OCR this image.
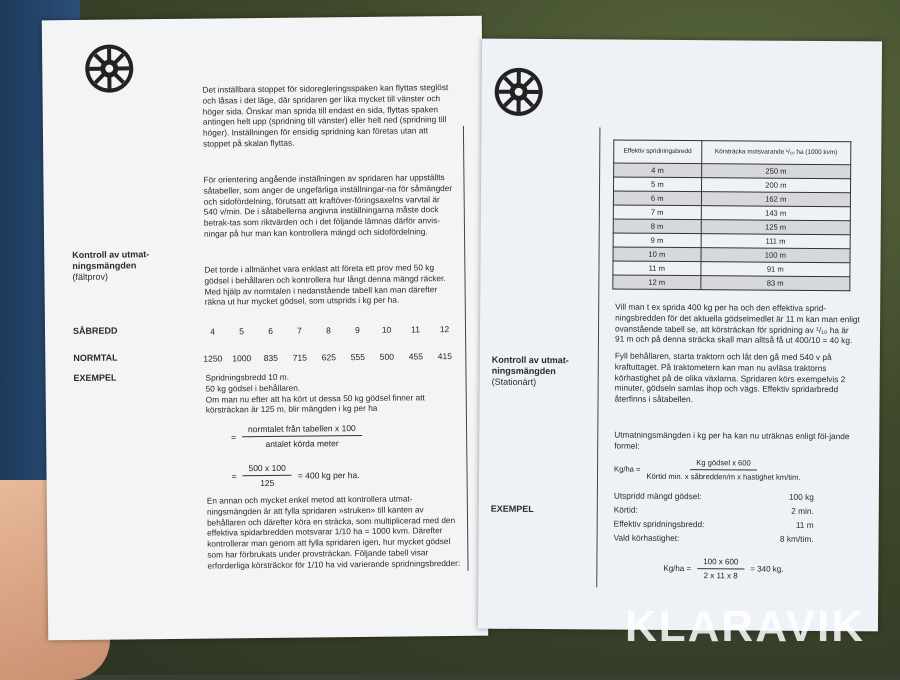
Det inställbara stoppet för sidoregleringsspaken kan flyttas steglöst och låsas i det läge, där spridaren ger lika mycket till vänster och höger sida. Önskar man sprida till endast en sida, flyttas spaken antingen helt upp (spridning till vänster) eller helt ned (spridning till höger). Inställningen för ensidig spridning kan företas utan att stoppet på skalan flyttas.
För orientering angående inställningen av spridaren har uppställts såtabeller, som anger de ungefärliga inställningar-na för såmängder och sidofördelning, förutsatt att kraftöver-föringsaxelns varvtal är 540 v/min. De i såtabellerna angivna inställningarna måste dock betrak-tas som riktvärden och i det följande lämnas därför anvis-ningar på hur man kan kontrollera mängd och sidofördelning.
Kontroll av utmat-ningsmängden
(fältprov)
Det torde i allmänhet vara enklast att företa ett prov med 50 kg gödsel i behållaren och kontrollera hur långt denna mängd räcker. Med hjälp av normtalen i nedanstående tabell kan man därefter räkna ut hur mycket gödsel, som utsprids i kg per ha.
SÅBREDD	4	5	6	7	8	9	10	11	12
NORMTAL	1250	1000	835	715	625	555	500	455	415
EXEMPEL	Spridningsbredd 10 m.
50 kg gödsel i behållaren.
Om man nu efter att ha kört ut dessa 50 kg gödsel finner att körsträckan är 125 m, blir mängden i kg per ha
= $\frac{\text{normtalet från tabellen x 100}}{\text{antalet körda meter}}$
= $\frac{500 x 100}{125}$ =
400 kg per ha.
En annan och mycket enkel metod att kontrollera utmat-ningsmängden är att fylla spridaren »struken» till kanten av behållaren och därefter köra en sträcka, som multiplicerad med den effektiva spidarbredden motsvarar 1/10 ha = 1000 kvm. Därefter kontrollerar man genom att fylla spridaren igen, hur mycket gödsel som har förbrukats under provsträckan. Följande tabell visar erforderliga körsträckor för 1/10 ha vid varierande spridningsbredder:
Effektiv spridningsbredd	Körsträcka motsvarande ¹/₁₀ ha (1000 kvm)
4 m	250 m
5 m	200 m
6 m	162 m
7 m	143 m
8 m	125 m
9 m	111 m
10 m	100 m
11 m	91 m
12 m	83 m
Vill man t ex sprida 400 kg per ha och den effektiva sprid-ningsbredden för det aktuella gödselmedlet är 11 m kan man enligt ovanstående tabell se, att körsträckan för spridning av ¹/₁₀ ha är 91 m och på denna sträcka skall man alltså få ut 400/10 = 40 kg.
Fyll behållaren, starta traktorn och låt den gå med 540 v på kraftuttaget. På traktometern kan man nu avläsa traktorns körhastighet på de olika växlarna. Spridaren körs exempelvis 2 minuter, gödseln samlas ihop och vägs. Effektiv spridarbredd återfinns i såtabellen.
Kontroll av utmat-ningsmängden
(Stationärt)
Utmatningsmängden i kg per ha kan nu uträknas enligt föl-jande formel:
$Kg/ha = \frac{\text{Kg gödsel x 600}}{\text{Körtid min. x såbredden/m x hastighet km/tim.}}$
EXEMPEL
Utspridd mängd gödsel:	100 kg
Körtid:	2 min.
Effektiv spridningsbredd:	11 m
Vald körhastighet:	8 km/tim.
$Kg/ha = \frac{100 x 600}{2 x 11 x 8} = 340$ kg.
KLARAVIK
